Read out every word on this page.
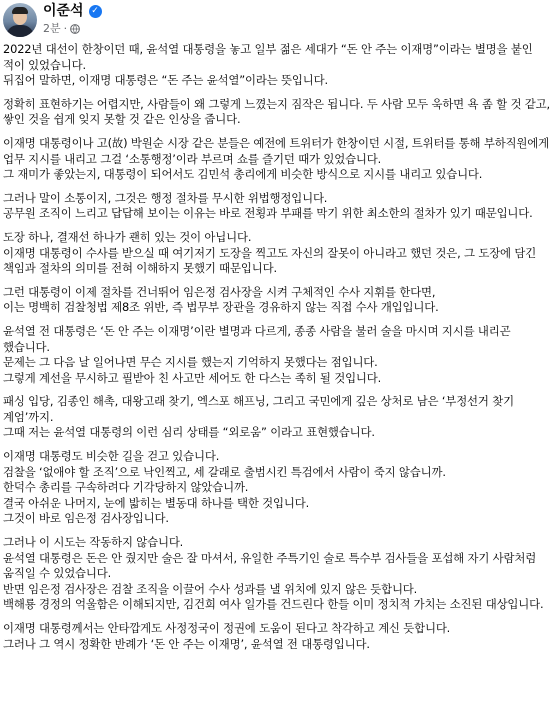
이준석 ✓
2분 ·

2022년 대선이 한창이던 때, 윤석열 대통령을 놓고 일부 젊은 세대가 “돈 안 주는 이재명”이라는 별명을 붙인 적이 있었습니다.
뒤집어 말하면, 이재명 대통령은 “돈 주는 윤석열”이라는 뜻입니다.

정확히 표현하기는 어렵지만, 사람들이 왜 그렇게 느꼈는지 짐작은 됩니다. 두 사람 모두 욱하면 욕 좀 할 것 같고, 쌓인 것을 쉽게 잊지 못할 것 같은 인상을 줍니다.

이재명 대통령이나 고(故) 박원순 시장 같은 분들은 예전에 트위터가 한창이던 시절, 트위터를 통해 부하직원에게 업무 지시를 내리고 그걸 ‘소통행정’이라 부르며 쇼를 즐기던 때가 있었습니다.
그 재미가 좋았는지, 대통령이 되어서도 김민석 총리에게 비슷한 방식으로 지시를 내리고 있습니다.

그러나 말이 소통이지, 그것은 행정 절차를 무시한 위법행정입니다.
공무원 조직이 느리고 답답해 보이는 이유는 바로 전횡과 부패를 막기 위한 최소한의 절차가 있기 때문입니다.

도장 하나, 결재선 하나가 괜히 있는 것이 아닙니다.
이재명 대통령이 수사를 받으실 때 여기저기 도장을 찍고도 자신의 잘못이 아니라고 했던 것은, 그 도장에 담긴 책임과 절차의 의미를 전혀 이해하지 못했기 때문입니다.

그런 대통령이 이제 절차를 건너뛰어 임은정 검사장을 시켜 구체적인 수사 지휘를 한다면,
이는 명백히 검찰청법 제8조 위반, 즉 법무부 장관을 경유하지 않는 직접 수사 개입입니다.

윤석열 전 대통령은 ‘돈 안 주는 이재명’이란 별명과 다르게, 종종 사람을 불러 술을 마시며 지시를 내리곤 했습니다.
문제는 그 다음 날 일어나면 무슨 지시를 했는지 기억하지 못했다는 점입니다.
그렇게 계선을 무시하고 필받아 친 사고만 세어도 한 다스는 족히 될 것입니다.

패싱 입당, 김종인 해촉, 대왕고래 찾기, 엑스포 해프닝, 그리고 국민에게 깊은 상처로 남은 ‘부정선거 찾기 계엄’까지.
그때 저는 윤석열 대통령의 이런 심리 상태를 “외로움” 이라고 표현했습니다.

이재명 대통령도 비슷한 길을 걷고 있습니다.
검찰을 ‘없애야 할 조직’으로 낙인찍고, 세 갈래로 출범시킨 특검에서 사람이 죽지 않습니까.
한덕수 총리를 구속하려다 기각당하지 않았습니까.
결국 아쉬운 나머지, 눈에 밟히는 별동대 하나를 택한 것입니다.
그것이 바로 임은정 검사장입니다.

그러나 이 시도는 작동하지 않습니다.
윤석열 대통령은 돈은 안 줬지만 술은 잘 마셔서, 유일한 주특기인 술로 특수부 검사들을 포섭해 자기 사람처럼 움직일 수 있었습니다.
반면 임은정 검사장은 검찰 조직을 이끌어 수사 성과를 낼 위치에 있지 않은 듯합니다.
백해룡 경정의 억울함은 이해되지만, 김건희 여사 일가를 건드린다 한들 이미 정치적 가치는 소진된 대상입니다.

이재명 대통령께서는 안타깝게도 사정정국이 정권에 도움이 된다고 착각하고 계신 듯합니다.
그러나 그 역시 정확한 반례가 ‘돈 안 주는 이재명’, 윤석열 전 대통령입니다.
